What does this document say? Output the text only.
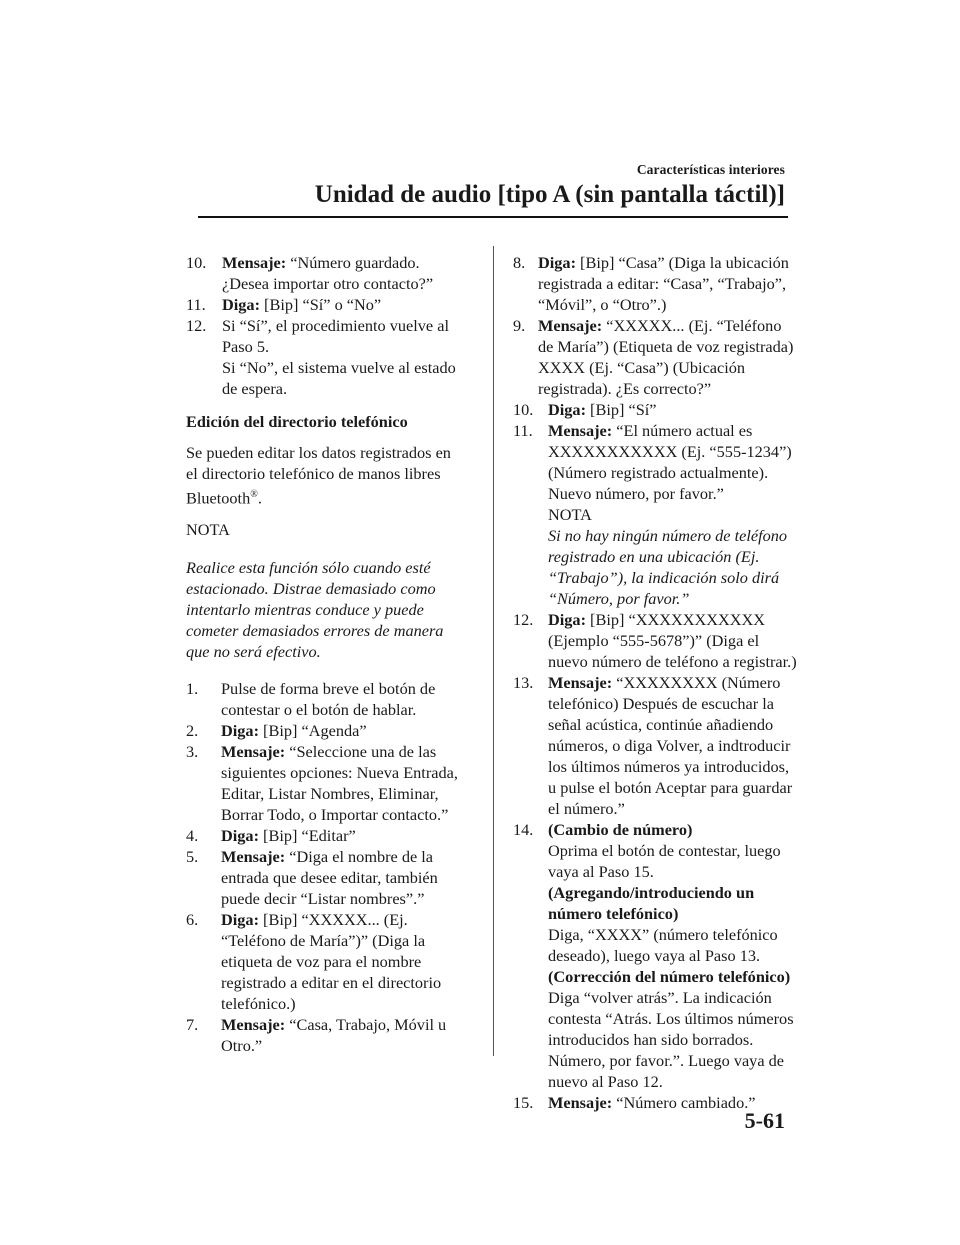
Características interiores
Unidad de audio [tipo A (sin pantalla táctil)]
10. Mensaje: “Número guardado. ¿Desea importar otro contacto?”
11. Diga: [Bip] “Sí” o “No”
12. Si “Sí”, el procedimiento vuelve al Paso 5.

Si “No”, el sistema vuelve al estado de espera.

Edición del directorio telefónico

Se pueden editar los datos registrados en el directorio telefónico de manos libres Bluetooth®.

NOTA

Realice esta función sólo cuando esté estacionado. Distrae demasiado como intentarlo mientras conduce y puede cometer demasiados errores de manera que no será efectivo.

1.	Pulse de forma breve el botón de contestar o el botón de hablar.
2.	Diga: [Bip] “Agenda”
3.	Mensaje: “Seleccione una de las siguientes opciones: Nueva Entrada, Editar, Listar Nombres, Eliminar, Borrar Todo, o Importar contacto.”
4.	Diga: [Bip] “Editar”
5.	Mensaje: “Diga el nombre de la entrada que desee editar, también puede decir “Listar nombres”.”
6.	Diga: [Bip] “XXXXX... (Ej. “Teléfono de María”)” (Diga la etiqueta de voz para el nombre registrado a editar en el directorio telefónico.)
7.	Mensaje: “Casa, Trabajo, Móvil u Otro.”
8. Diga: [Bip] “Casa” (Diga la ubicación registrada a editar: “Casa”, “Trabajo”, “Móvil”, o “Otro”.)
9. Mensaje: “XXXXX... (Ej. “Teléfono de María”) (Etiqueta de voz registrada) XXXX (Ej. “Casa”) (Ubicación registrada). ¿Es correcto?”
10. Diga: [Bip] “Sí”
11. Mensaje: “El número actual es XXXXXXXXXXX (Ej. “555-1234”) (Número registrado actualmente). Nuevo número, por favor.”

NOTA

Si no hay ningún número de teléfono registrado en una ubicación (Ej. “Trabajo”), la indicación solo dirá “Número, por favor.”

12. Diga: [Bip] “XXXXXXXXXXX (Ejemplo “555-5678”)” (Diga el nuevo número de teléfono a registrar.)
13. Mensaje: “XXXXXXXX (Número telefónico) Después de escuchar la señal acústica, continúe añadiendo números, o diga Volver, a indtroducir los últimos números ya introducidos, u pulse el botón Aceptar para guardar el número.”
14. (Cambio de número)

Oprima el botón de contestar, luego vaya al Paso 15.

(Agregando/introduciendo un número telefónico)

Diga, “XXXX” (número telefónico deseado), luego vaya al Paso 13.

(Corrección del número telefónico)

Diga “volver atrás”. La indicación contesta “Atrás. Los últimos números introducidos han sido borrados. Número, por favor.”. Luego vaya de nuevo al Paso 12.

15. Mensaje: “Número cambiado.”
5-61
